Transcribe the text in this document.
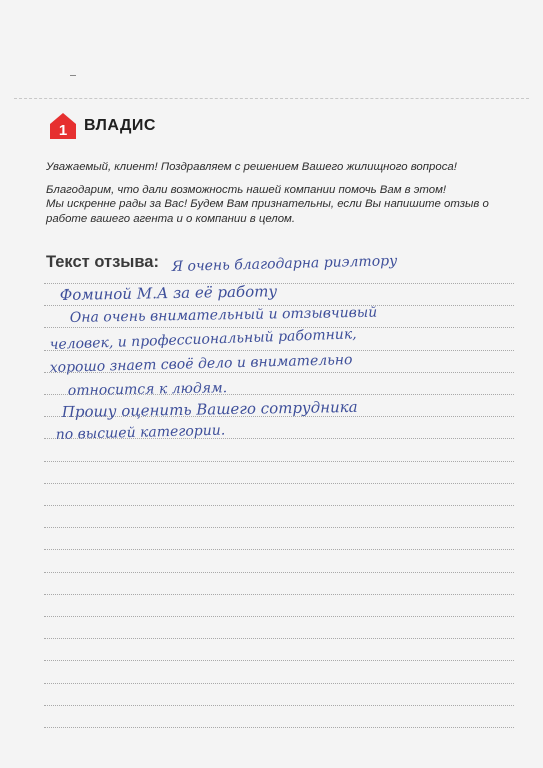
1 ВЛАДИС

Уважаемый, клиент! Поздравляем с решением Вашего жилищного вопроса!

Благодарим, что дали возможность нашей компании помочь Вам в этом!

Мы искренне рады за Вас! Будем Вам признательны, если Вы напишите отзыв о работе вашего агента и о компании в целом.

Текст отзыва: Я очень благодарна риэлтору
Фоминой М.А за её работу
Она очень внимательный и отзывчивый
человек, и профессиональный работник,
хорошо знает своё дело и внимательно
относится к людям.
Прошу оценить Вашего сотрудника
по высшей категории.
